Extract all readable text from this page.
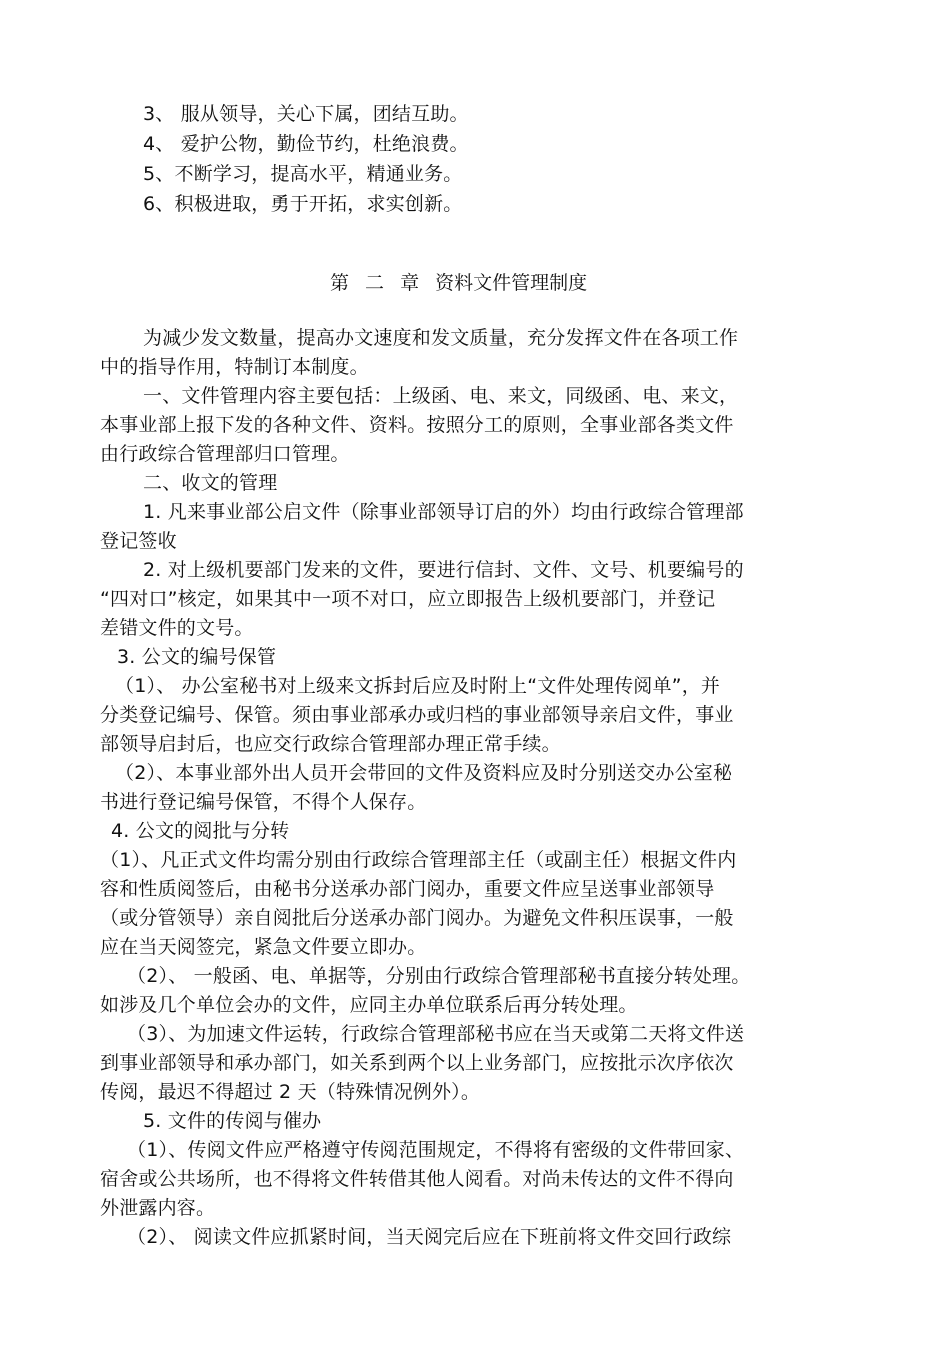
3、 服从领导，关心下属，团结互助。
4、 爱护公物，勤俭节约，杜绝浪费。
5、不断学习，提高水平，精通业务。
6、积极进取，勇于开拓，求实创新。
第 二 章 资料文件管理制度
为减少发文数量，提高办文速度和发文质量，充分发挥文件在各项工作
中的指导作用，特制订本制度。
一、文件管理内容主要包括：上级函、电、来文，同级函、电、来文，
本事业部上报下发的各种文件、资料。按照分工的原则，全事业部各类文件
由行政综合管理部归口管理。
二、收文的管理
1. 凡来事业部公启文件（除事业部领导订启的外）均由行政综合管理部
登记签收
2. 对上级机要部门发来的文件，要进行信封、文件、文号、机要编号的
“四对口”核定，如果其中一项不对口，应立即报告上级机要部门，并登记
差错文件的文号。
3. 公文的编号保管
（1）、 办公室秘书对上级来文拆封后应及时附上“文件处理传阅单”，并
分类登记编号、保管。须由事业部承办或归档的事业部领导亲启文件，事业
部领导启封后，也应交行政综合管理部办理正常手续。
（2）、本事业部外出人员开会带回的文件及资料应及时分别送交办公室秘
书进行登记编号保管，不得个人保存。
4. 公文的阅批与分转
（1）、凡正式文件均需分别由行政综合管理部主任（或副主任）根据文件内
容和性质阅签后，由秘书分送承办部门阅办，重要文件应呈送事业部领导
（或分管领导）亲自阅批后分送承办部门阅办。为避免文件积压误事，一般
应在当天阅签完，紧急文件要立即办。
（2）、 一般函、电、单据等，分别由行政综合管理部秘书直接分转处理。
如涉及几个单位会办的文件，应同主办单位联系后再分转处理。
（3）、为加速文件运转，行政综合管理部秘书应在当天或第二天将文件送
到事业部领导和承办部门，如关系到两个以上业务部门，应按批示次序依次
传阅，最迟不得超过 2 天（特殊情况例外）。
5. 文件的传阅与催办
（1）、传阅文件应严格遵守传阅范围规定，不得将有密级的文件带回家、
宿舍或公共场所，也不得将文件转借其他人阅看。对尚未传达的文件不得向
外泄露内容。
（2）、 阅读文件应抓紧时间，当天阅完后应在下班前将文件交回行政综
